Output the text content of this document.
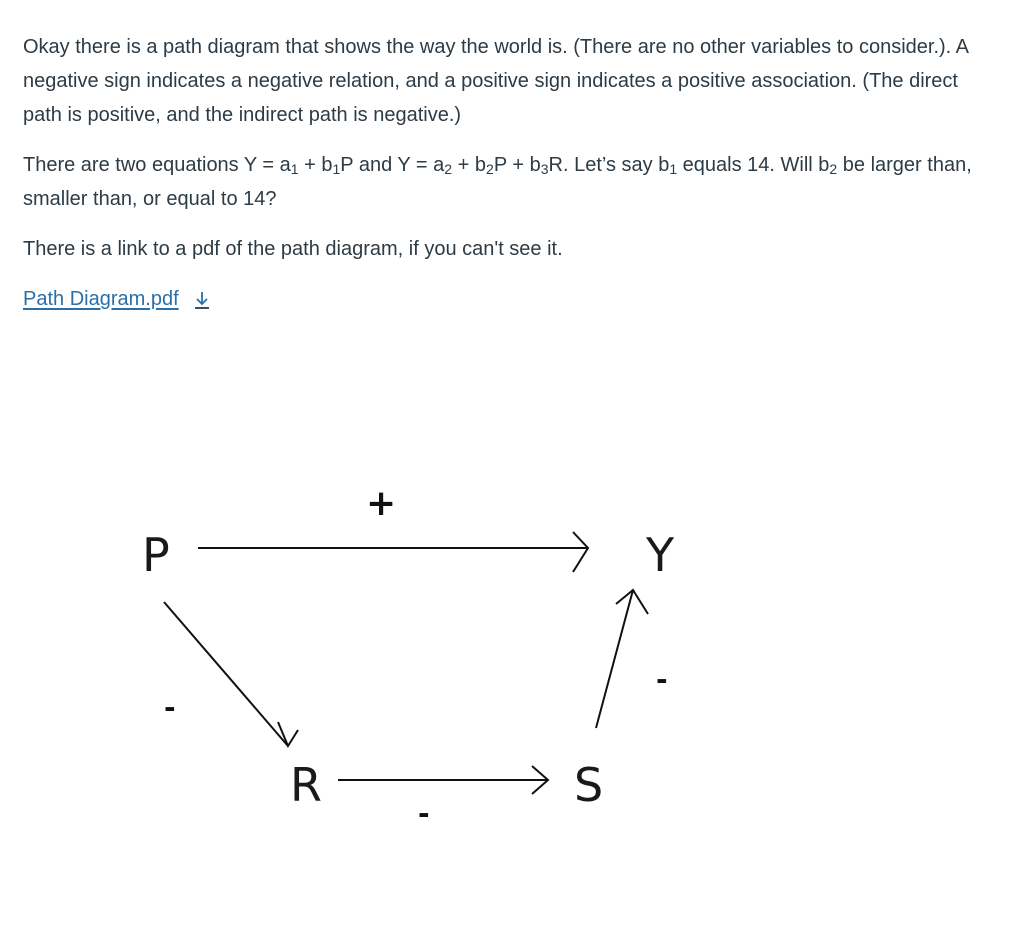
Okay there is a path diagram that shows the way the world is. (There are no other variables to consider.). A negative sign indicates a negative relation, and a positive sign indicates a positive association. (The direct path is positive, and the indirect path is negative.)

There are two equations $Y = a_1 + b_1P$ and $Y = a_2 + b_2P + b_3R$. Let’s say $b_1$ equals 14. Will $b_2$ be larger than, smaller than, or equal to 14?

There is a link to a pdf of the path diagram, if you can't see it.

Path Diagram.pdf
P	Y
R	S
+
-
-
-
